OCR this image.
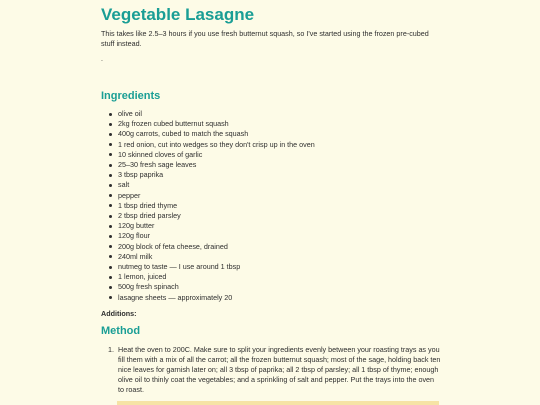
Vegetable Lasagne

This takes like 2.5–3 hours if you use fresh butternut squash, so I've started using the frozen pre-cubed stuff instead.

.

Ingredients
olive oil
2kg frozen cubed butternut squash
400g carrots, cubed to match the squash
1 red onion, cut into wedges so they don't crisp up in the oven
10 skinned cloves of garlic
25–30 fresh sage leaves
3 tbsp paprika
salt
pepper
1 tbsp dried thyme
2 tbsp dried parsley
120g butter
120g flour
200g block of feta cheese, drained
240ml milk
nutmeg to taste — I use around 1 tbsp
1 lemon, juiced
500g fresh spinach
lasagne sheets — approximately 20

Additions:

Method
1. Heat the oven to 200C. Make sure to split your ingredients evenly between your roasting trays as you fill them with a mix of all the carrot; all the frozen butternut squash; most of the sage, holding back ten nice leaves for garnish later on; all 3 tbsp of paprika; all 2 tbsp of parsley; all 1 tbsp of thyme; enough olive oil to thinly coat the vegetables; and a sprinkling of salt and pepper. Put the trays into the oven to roast.
